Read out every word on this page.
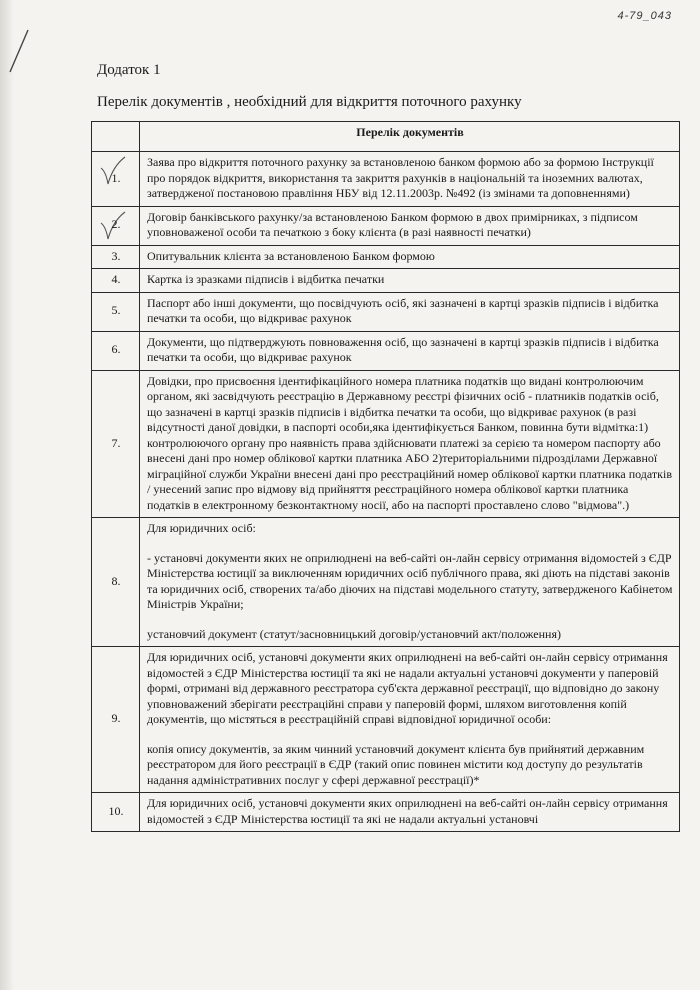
4-79_043
Додаток 1
Перелік документів , необхідний для відкриття поточного рахунку
	Перелік документів

1.	Заява про відкриття поточного рахунку за встановленою банком формою або за формою Інструкції про порядок відкриття, використання та закриття рахунків в національній та іноземних валютах, затвердженої постановою правління НБУ від 12.11.2003р. №492 (із змінами та доповненнями)

2.	Договір банківського рахунку/за встановленою Банком формою в двох примірниках, з підписом уповноваженої особи та печаткою з боку клієнта (в разі наявності печатки)

3.	Опитувальник клієнта за встановленою Банком формою

4.	Картка із зразками підписів і відбитка печатки

5.	Паспорт або інші документи, що посвідчують осіб, які зазначені в картці зразків підписів і відбитка печатки та особи, що відкриває рахунок

6.	Документи, що підтверджують повноваження осіб, що зазначені в картці зразків підписів і відбитка печатки та особи, що відкриває рахунок

7.	Довідки, про присвоєння ідентифікаційного номера платника податків що видані контролюючим органом, які засвідчують реєстрацію в Державному реєстрі фізичних осіб - платників податків осіб, що зазначені в картці зразків підписів і відбитка печатки та особи, що відкриває рахунок (в разі відсутності даної довідки, в паспорті особи,яка ідентифікується Банком, повинна бути відмітка:1) контролюючого органу про наявність права здійснювати платежі за серією та номером паспорту або внесені дані про номер облікової картки платника АБО 2)територіальними підрозділами Державної міграційної служби України внесені дані про реєстраційний номер облікової картки платника податків / унесений запис про відмову від прийняття реєстраційного номера облікової картки платника податків в електронному безконтактному носії, або на паспорті проставлено слово "відмова".)

8.	Для юридичних осіб:

- установчі документи яких не оприлюднені на веб-сайті он-лайн сервісу отримання відомостей з ЄДР Міністерства юстиції за виключенням юридичних осіб публічного права, які діють на підставі законів та юридичних осіб, створених та/або діючих на підставі модельного статуту, затвердженого Кабінетом Міністрів України;

установчий документ (статут/засновницький договір/установчий акт/положення)

9.	Для юридичних осіб, установчі документи яких оприлюднені на веб-сайті он-лайн сервісу отримання відомостей з ЄДР Міністерства юстиції та які не надали актуальні установчі документи у паперовій формі, отримані від державного реєстратора суб'єкта державної реєстрації, що відповідно до закону уповноважений зберігати реєстраційні справи у паперовій формі, шляхом виготовлення копій документів, що містяться в реєстраційній справі відповідної юридичної особи:

копія опису документів, за яким чинний установчий документ клієнта був прийнятий державним реєстратором для його реєстрації в ЄДР (такий опис повинен містити код доступу до результатів надання адміністративних послуг у сфері державної реєстрації)*

10.	Для юридичних осіб, установчі документи яких оприлюднені на веб-сайті он-лайн сервісу отримання відомостей з ЄДР Міністерства юстиції та які не надали актуальні установчі
